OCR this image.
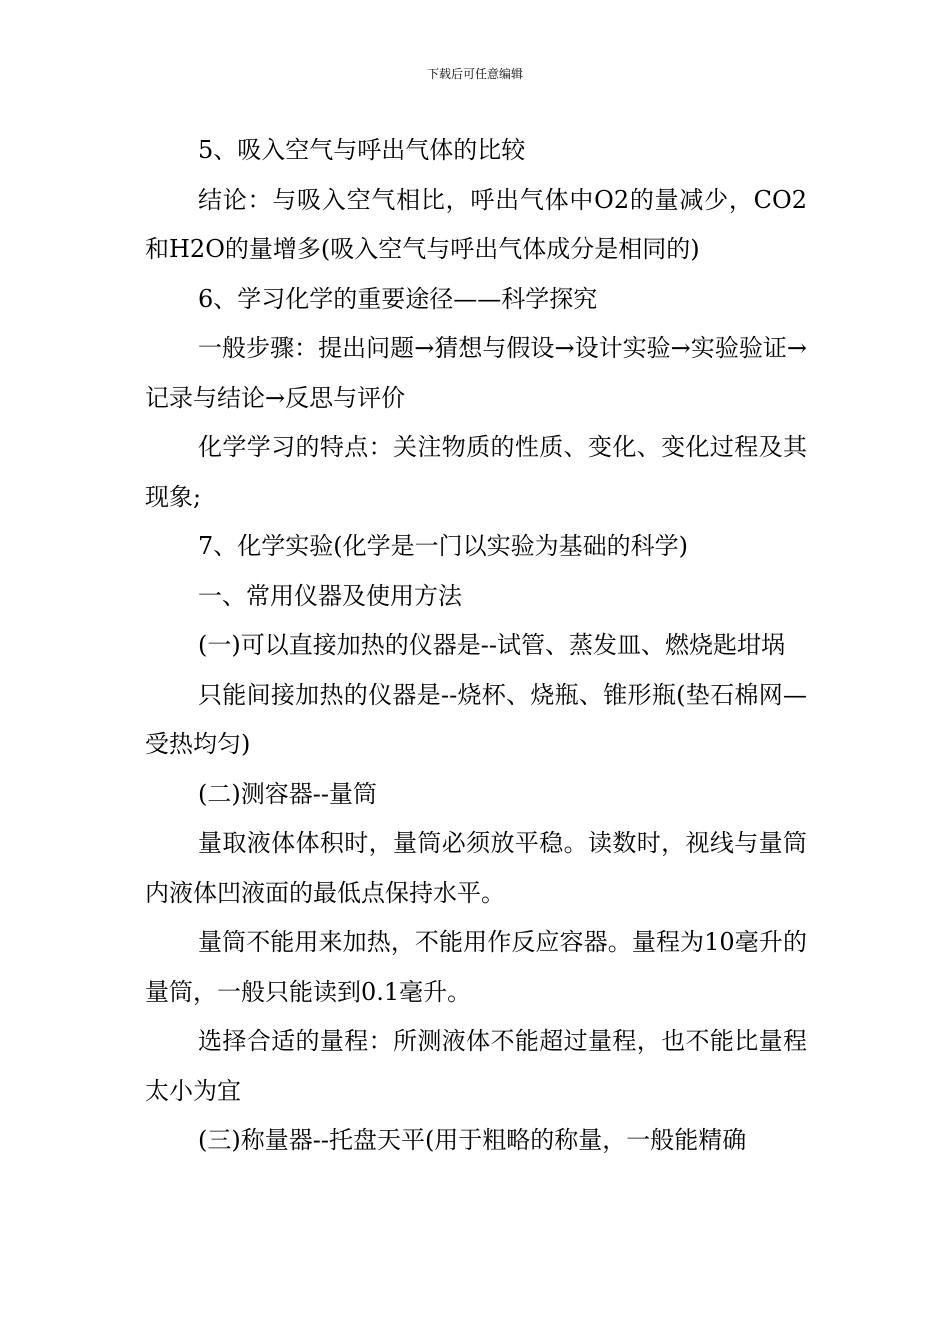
下载后可任意编辑

5、吸入空气与呼出气体的比较

结论：与吸入空气相比，呼出气体中O2的量减少，CO2和H2O的量增多(吸入空气与呼出气体成分是相同的)

6、学习化学的重要途径——科学探究

一般步骤：提出问题→猜想与假设→设计实验→实验验证→记录与结论→反思与评价

化学学习的特点：关注物质的性质、变化、变化过程及其现象;

7、化学实验(化学是一门以实验为基础的科学)

一、常用仪器及使用方法

(一)可以直接加热的仪器是--试管、蒸发皿、燃烧匙坩埚

只能间接加热的仪器是--烧杯、烧瓶、锥形瓶(垫石棉网—受热均匀)

(二)测容器--量筒

量取液体体积时，量筒必须放平稳。读数时，视线与量筒内液体凹液面的最低点保持水平。

量筒不能用来加热，不能用作反应容器。量程为10毫升的量筒，一般只能读到0.1毫升。

选择合适的量程：所测液体不能超过量程，也不能比量程太小为宜

(三)称量器--托盘天平(用于粗略的称量，一般能精确
